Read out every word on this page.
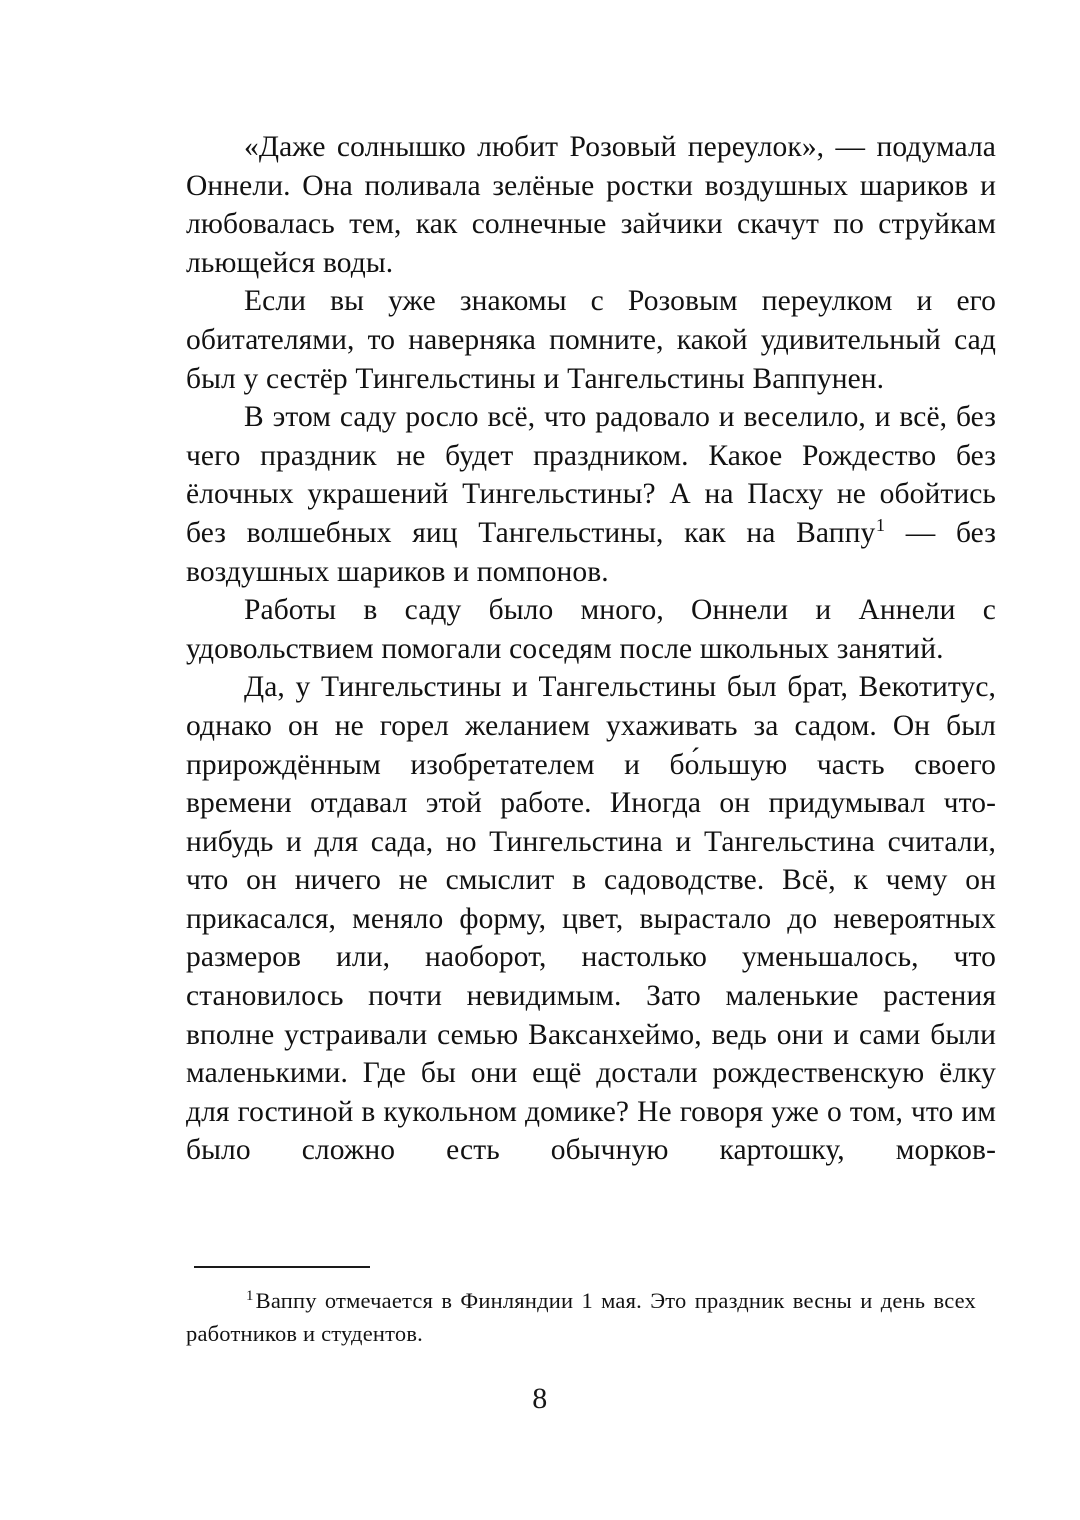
«Даже солнышко любит Розовый переулок», — подумала Оннели. Она поливала зелёные ростки воздушных шариков и любовалась тем, как солнечные зайчики скачут по струйкам льющейся воды.

Если вы уже знакомы с Розовым переулком и его обитателями, то наверняка помните, какой удивительный сад был у сестёр Тингельстины и Тангельстины Ваппунен.

В этом саду росло всё, что радовало и веселило, и всё, без чего праздник не будет праздником. Какое Рождество без ёлочных украшений Тингельстины? А на Пасху не обойтись без волшебных яиц Тангельстины, как на Ваппу$^1$ — без воздушных шариков и помпонов.

Работы в саду было много, Оннели и Аннели с удовольствием помогали соседям после школьных занятий.

Да, у Тингельстины и Тангельстины был брат, Векотитус, однако он не горел желанием ухаживать за садом. Он был прирождённым изобретателем и бо́льшую часть своего времени отдавал этой работе. Иногда он придумывал что-нибудь и для сада, но Тингельстина и Тангельстина считали, что он ничего не смыслит в садоводстве. Всё, к чему он прикасался, меняло форму, цвет, вырастало до невероятных размеров или, наоборот, настолько уменьшалось, что становилось почти невидимым. Зато маленькие растения вполне устраивали семью Ваксанхеймо, ведь они и сами были маленькими. Где бы они ещё достали рождественскую ёлку для гостиной в кукольном домике? Не говоря уже о том, что им было сложно есть обычную картошку, морков-

$^1$Ваппу отмечается в Финляндии 1 мая. Это праздник весны и день всех работников и студентов.

8
